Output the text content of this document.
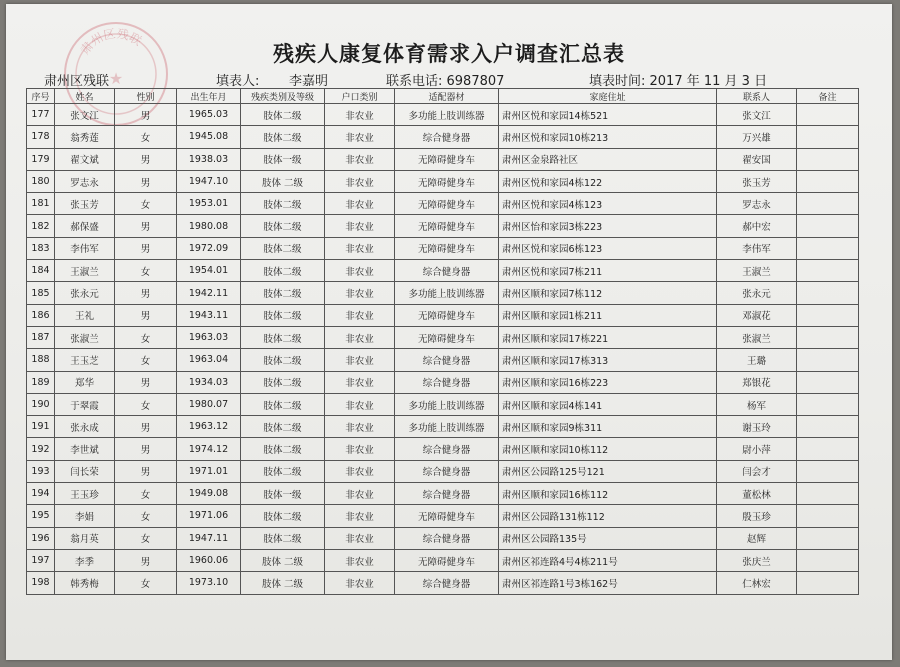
肃州区残联
★
残疾人康复体育需求入户调查汇总表
肃州区残联	填表人: 李嘉明	联系电话: 6987807	填表时间: 2017 年 11 月 3 日
序号	姓名	性别	出生年月	残疾类别及等级	户口类别	适配器材	家庭住址	联系人	备注
177	张文江	男	1965.03	肢体二级	非农业	多功能上肢训练器	肃州区悦和家园14栋521	张文江	
178	翁秀莲	女	1945.08	肢体二级	非农业	综合健身器	肃州区悦和家园10栋213	万兴雄	
179	翟文斌	男	1938.03	肢体一级	非农业	无障碍健身车	肃州区金泉路社区	翟安国	
180	罗志永	男	1947.10	肢体 二级	非农业	无障碍健身车	肃州区悦和家园4栋122	张玉芳	
181	张玉芳	女	1953.01	肢体二级	非农业	无障碍健身车	肃州区悦和家园4栋123	罗志永	
182	郝保盛	男	1980.08	肢体二级	非农业	无障碍健身车	肃州区怡和家园3栋223	郝中宏	
183	李伟军	男	1972.09	肢体二级	非农业	无障碍健身车	肃州区悦和家园6栋123	李伟军	
184	王淑兰	女	1954.01	肢体二级	非农业	综合健身器	肃州区悦和家园7栋211	王淑兰	
185	张永元	男	1942.11	肢体二级	非农业	多功能上肢训练器	肃州区顺和家园7栋112	张永元	
186	王礼	男	1943.11	肢体二级	非农业	无障碍健身车	肃州区顺和家园1栋211	邓淑花	
187	张淑兰	女	1963.03	肢体二级	非农业	无障碍健身车	肃州区顺和家园17栋221	张淑兰	
188	王玉芝	女	1963.04	肢体二级	非农业	综合健身器	肃州区顺和家园17栋313	王璐	
189	郑华	男	1934.03	肢体二级	非农业	综合健身器	肃州区顺和家园16栋223	郑银花	
190	于翠霞	女	1980.07	肢体二级	非农业	多功能上肢训练器	肃州区顺和家园4栋141	杨军	
191	张永成	男	1963.12	肢体二级	非农业	多功能上肢训练器	肃州区顺和家园9栋311	谢玉玲	
192	李世斌	男	1974.12	肢体二级	非农业	综合健身器	肃州区顺和家园10栋112	尉小萍	
193	闫长荣	男	1971.01	肢体二级	非农业	综合健身器	肃州区公园路125号121	闫会才	
194	王玉珍	女	1949.08	肢体一级	非农业	综合健身器	肃州区顺和家园16栋112	董松林	
195	李娟	女	1971.06	肢体二级	非农业	无障碍健身车	肃州区公园路131栋112	殷玉珍	
196	翁月英	女	1947.11	肢体二级	非农业	综合健身器	肃州区公园路135号	赵辉	
197	李季	男	1960.06	肢体 二级	非农业	无障碍健身车	肃州区祁连路4号4栋211号	张庆兰	
198	韩秀梅	女	1973.10	肢体 二级	非农业	综合健身器	肃州区祁连路1号3栋162号	仁林宏	
